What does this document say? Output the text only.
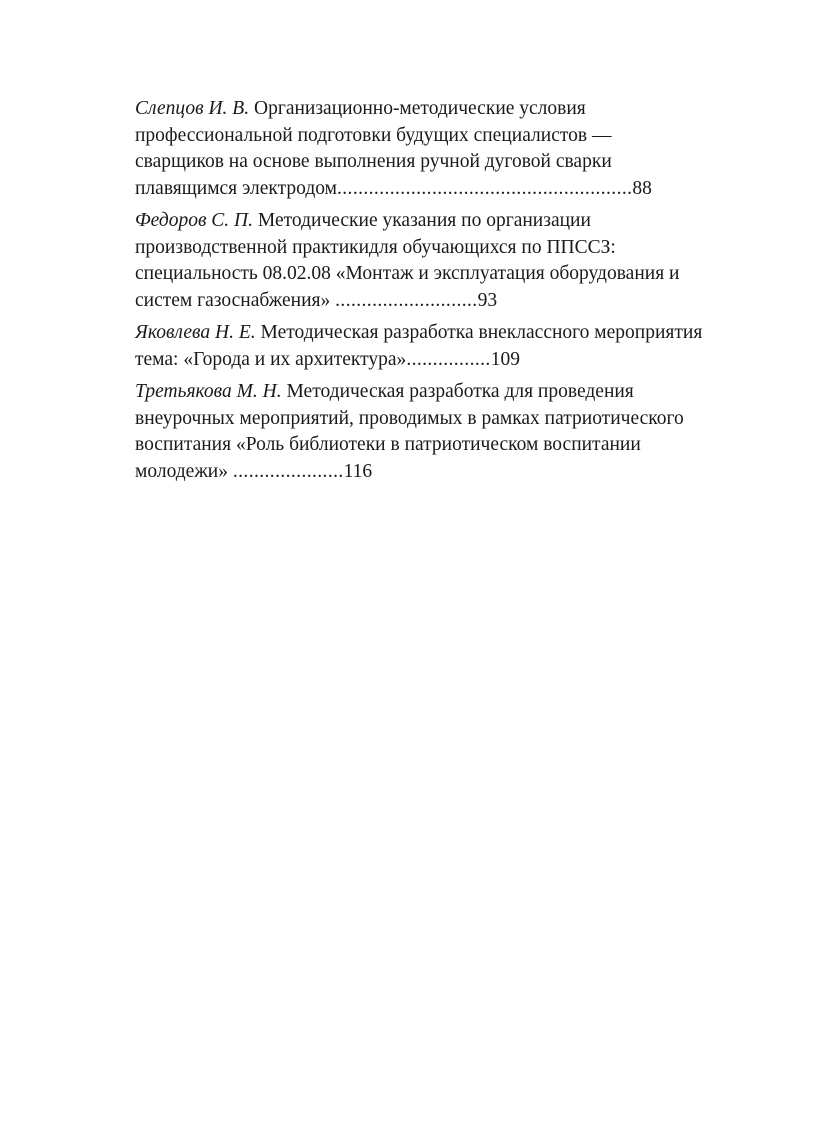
Слепцов И. В. Организационно-методические условия профессиональной подготовки будущих специалистов — сварщиков на основе выполнения ручной дуговой сварки плавящимся электродом........................................................88
Федоров С. П. Методические указания по организации производственной практикидля обучающихся по ППССЗ: специальность 08.02.08 «Монтаж и эксплуатация оборудования и систем газоснабжения» ...........................93
Яковлева Н. Е. Методическая разработка внеклассного мероприятия тема: «Города и их архитектура»................109
Третьякова М. Н. Методическая разработка для проведения внеурочных мероприятий, проводимых в рамках патриотического воспитания «Роль библиотеки в патриотическом воспитании молодежи» .....................116
